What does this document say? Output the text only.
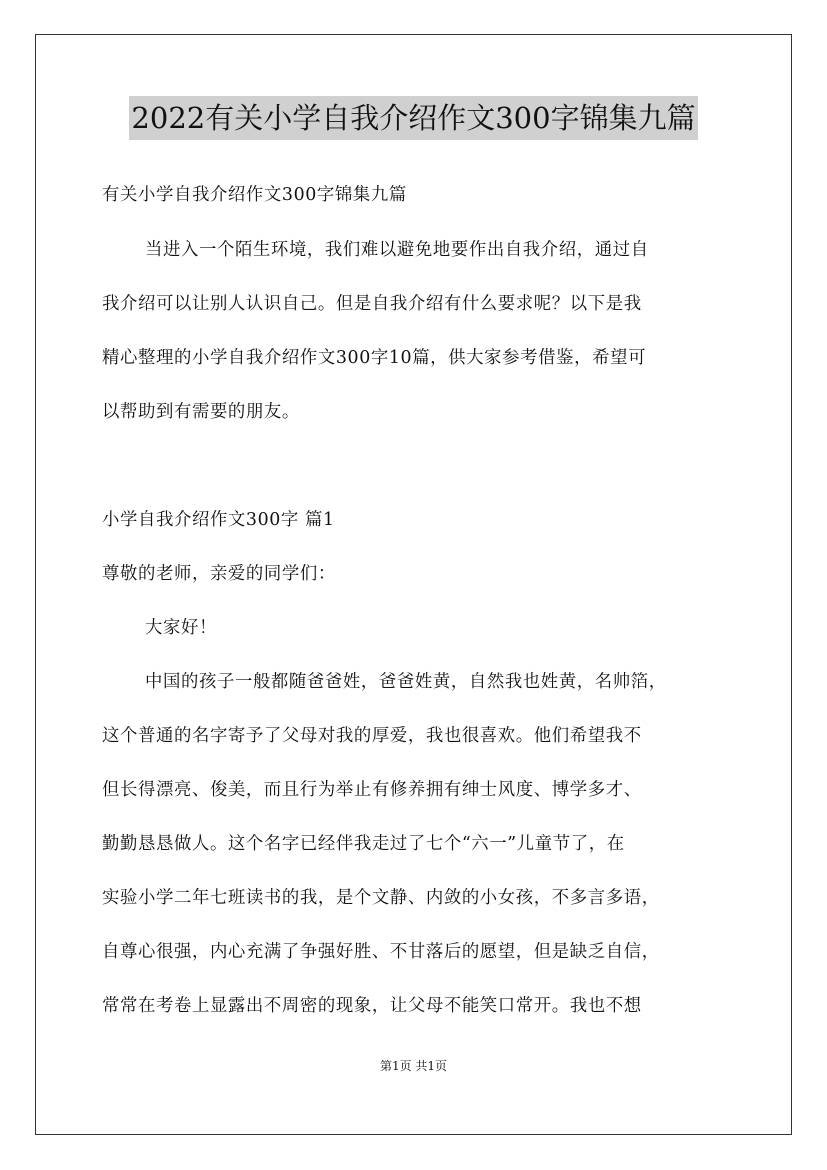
2022有关小学自我介绍作文300字锦集九篇
有关小学自我介绍作文300字锦集九篇
当进入一个陌生环境，我们难以避免地要作出自我介绍，通过自
我介绍可以让别人认识自己。但是自我介绍有什么要求呢？以下是我
精心整理的小学自我介绍作文300字10篇，供大家参考借鉴，希望可
以帮助到有需要的朋友。
小学自我介绍作文300字 篇1
尊敬的老师，亲爱的同学们：
大家好！
中国的孩子一般都随爸爸姓，爸爸姓黄，自然我也姓黄，名帅箔，
这个普通的名字寄予了父母对我的厚爱，我也很喜欢。他们希望我不
但长得漂亮、俊美，而且行为举止有修养拥有绅士风度、博学多才、
勤勤恳恳做人。这个名字已经伴我走过了七个“六一”儿童节了，在
实验小学二年七班读书的我，是个文静、内敛的小女孩，不多言多语，
自尊心很强，内心充满了争强好胜、不甘落后的愿望，但是缺乏自信，
常常在考卷上显露出不周密的现象，让父母不能笑口常开。我也不想
第1页 共1页
